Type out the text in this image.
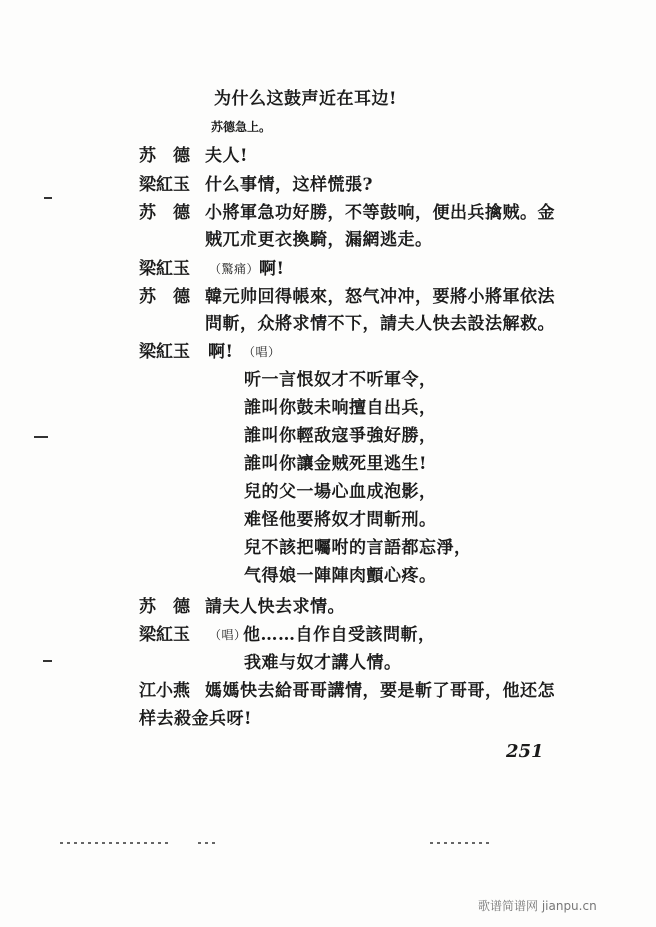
为什么这鼓声近在耳边!
苏德急上。
苏　德 夫人!
梁紅玉 什么事情，这样慌張?
苏　德 小將軍急功好勝，不等鼓响，便出兵擒贼。金
贼兀朮更衣換騎，漏網逃走。
梁紅玉 （驚痛） 啊!
苏　德 韓元帅回得帳來，怒气冲冲，要將小將軍依法
問斬，众將求情不下，請夫人快去設法解救。
梁紅玉 啊! （唱）
听一言恨奴才不听軍令，
誰叫你鼓未响擅自出兵，
誰叫你輕敌寇爭強好勝，
誰叫你讓金贼死里逃生!
兒的父一場心血成泡影，
难怪他要將奴才問斬刑。
兒不該把囑咐的言語都忘淨，
气得娘一陣陣肉顫心疼。
苏　德 請夫人快去求情。
梁紅玉 （唱）
他……自作自受該問斬，
我难与奴才講人情。
江小燕 媽媽快去給哥哥講情，要是斬了哥哥，他还怎
样去殺金兵呀!
251
歌谱简谱网 jianpu.cn
